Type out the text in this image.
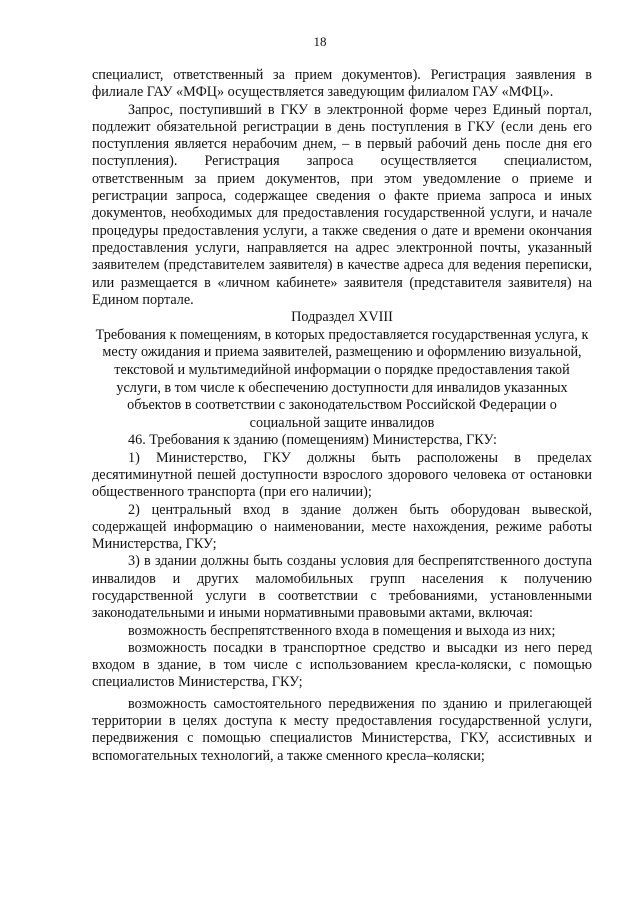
18

специалист, ответственный за прием документов). Регистрация заявления в филиале ГАУ «МФЦ» осуществляется заведующим филиалом ГАУ «МФЦ».

Запрос, поступивший в ГКУ в электронной форме через Единый портал, подлежит обязательной регистрации в день поступления в ГКУ (если день его поступления является нерабочим днем, – в первый рабочий день после дня его поступления). Регистрация запроса осуществляется специалистом, ответственным за прием документов, при этом уведомление о приеме и регистрации запроса, содержащее сведения о факте приема запроса и иных документов, необходимых для предоставления государственной услуги, и начале процедуры предоставления услуги, а также сведения о дате и времени окончания предоставления услуги, направляется на адрес электронной почты, указанный заявителем (представителем заявителя) в качестве адреса для ведения переписки, или размещается в «личном кабинете» заявителя (представителя заявителя) на Едином портале.

Подраздел XVIII

Требования к помещениям, в которых предоставляется государственная услуга, к месту ожидания и приема заявителей, размещению и оформлению визуальной, текстовой и мультимедийной информации о порядке предоставления такой услуги, в том числе к обеспечению доступности для инвалидов указанных объектов в соответствии с законодательством Российской Федерации о социальной защите инвалидов

46. Требования к зданию (помещениям) Министерства, ГКУ:

1) Министерство, ГКУ должны быть расположены в пределах десятиминутной пешей доступности взрослого здорового человека от остановки общественного транспорта (при его наличии);

2) центральный вход в здание должен быть оборудован вывеской, содержащей информацию о наименовании, месте нахождения, режиме работы Министерства, ГКУ;

3) в здании должны быть созданы условия для беспрепятственного доступа инвалидов и других маломобильных групп населения к получению государственной услуги в соответствии с требованиями, установленными законодательными и иными нормативными правовыми актами, включая:

возможность беспрепятственного входа в помещения и выхода из них;

возможность посадки в транспортное средство и высадки из него перед входом в здание, в том числе с использованием кресла-коляски, с помощью специалистов Министерства, ГКУ;

возможность самостоятельного передвижения по зданию и прилегающей территории в целях доступа к месту предоставления государственной услуги, передвижения с помощью специалистов Министерства, ГКУ, ассистивных и вспомогательных технологий, а также сменного кресла–коляски;
